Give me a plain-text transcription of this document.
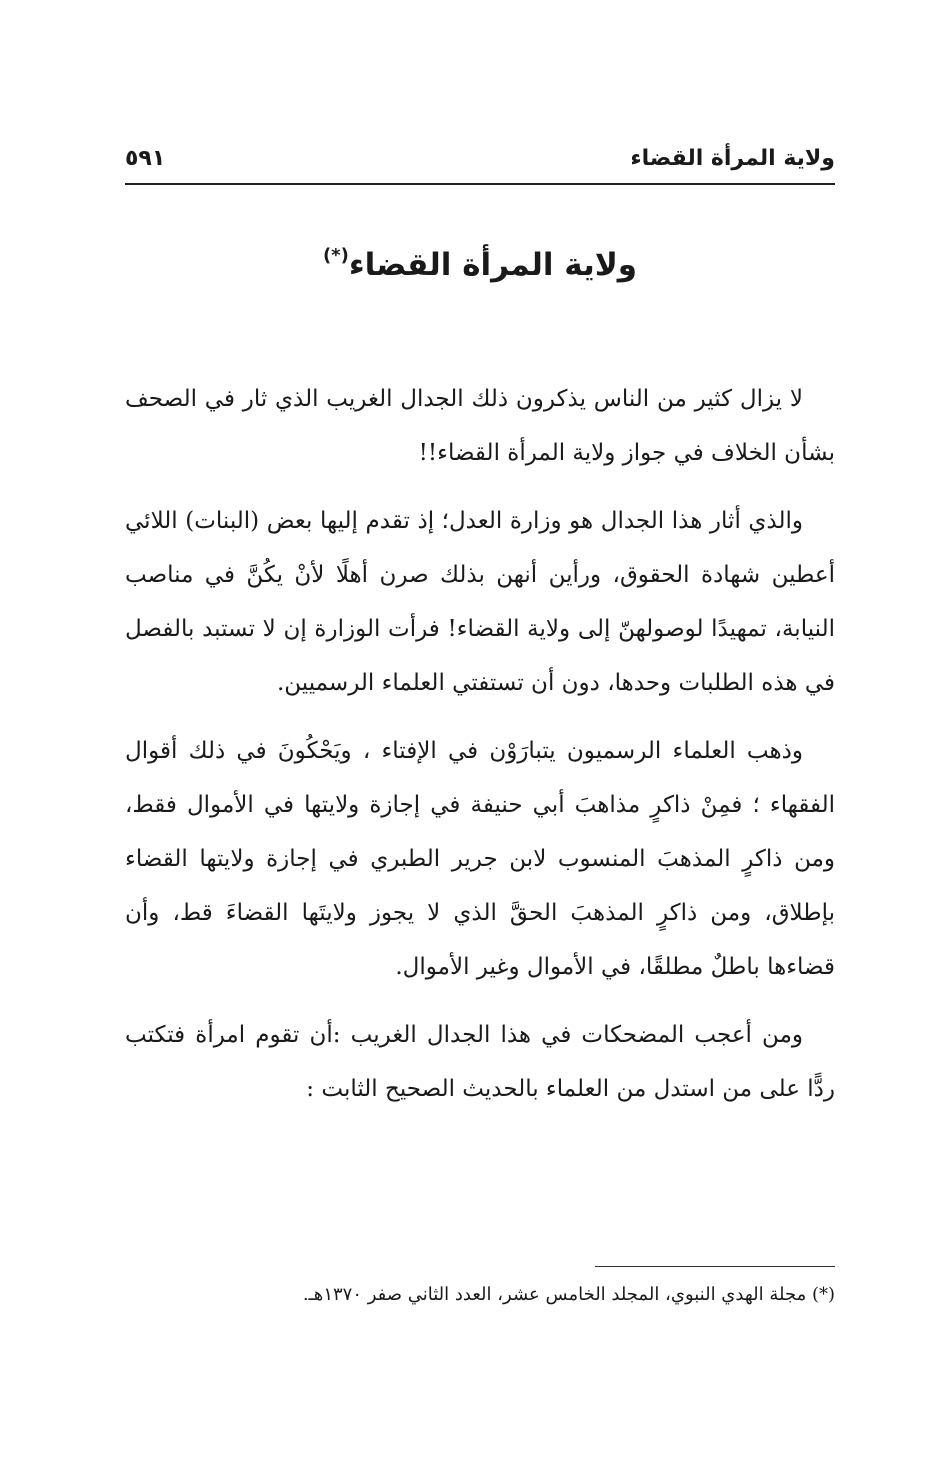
ولاية المرأة القضاء
٥٩١
ولاية المرأة القضاء(*)

لا يزال كثير من الناس يذكرون ذلك الجدال الغريب الذي ثار في الصحف بشأن الخلاف في جواز ولاية المرأة القضاء!!

والذي أثار هذا الجدال هو وزارة العدل؛ إذ تقدم إليها بعض (البنات) اللائي أعطين شهادة الحقوق، ورأين أنهن بذلك صرن أهلًا لأنْ يكُنَّ في مناصب النيابة، تمهيدًا لوصولهنّ إلى ولاية القضاء! فرأت الوزارة إن لا تستبد بالفصل في هذه الطلبات وحدها، دون أن تستفتي العلماء الرسميين.

وذهب العلماء الرسميون يتبارَوْن في الإفتاء ، ويَحْكُونَ في ذلك أقوال الفقهاء ؛ فمِنْ ذاكرٍ مذاهبَ أبي حنيفة في إجازة ولايتها في الأموال فقط، ومن ذاكرٍ المذهبَ المنسوب لابن جرير الطبري في إجازة ولايتها القضاء بإطلاق، ومن ذاكرٍ المذهبَ الحقَّ الذي لا يجوز ولايتَها القضاءَ قط، وأن قضاءها باطلٌ مطلقًا، في الأموال وغير الأموال.

ومن أعجب المضحكات في هذا الجدال الغريب :أن تقوم امرأة فتكتب ردًّا على من استدل من العلماء بالحديث الصحيح الثابت :

(*) مجلة الهدي النبوي، المجلد الخامس عشر، العدد الثاني صفر ١٣٧٠هـ.
